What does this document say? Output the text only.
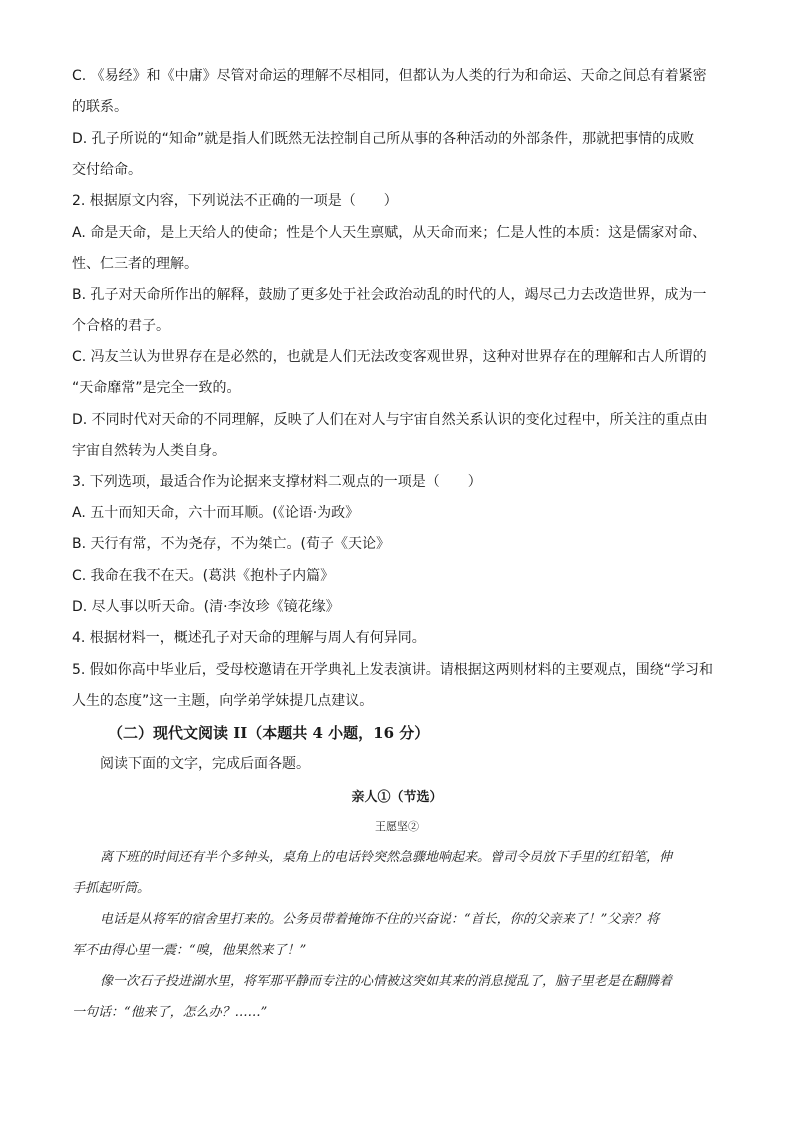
C. 《易经》和《中庸》尽管对命运的理解不尽相同，但都认为人类的行为和命运、天命之间总有着紧密
的联系。
D. 孔子所说的“知命”就是指人们既然无法控制自己所从事的各种活动的外部条件，那就把事情的成败
交付给命。
2. 根据原文内容，下列说法不正确的一项是（　　）
A. 命是天命，是上天给人的使命；性是个人天生禀赋，从天命而来；仁是人性的本质：这是儒家对命、
性、仁三者的理解。
B. 孔子对天命所作出的解释，鼓励了更多处于社会政治动乱的时代的人，竭尽己力去改造世界，成为一
个合格的君子。
C. 冯友兰认为世界存在是必然的，也就是人们无法改变客观世界，这种对世界存在的理解和古人所谓的
“天命靡常”是完全一致的。
D. 不同时代对天命的不同理解，反映了人们在对人与宇宙自然关系认识的变化过程中，所关注的重点由
宇宙自然转为人类自身。
3. 下列选项，最适合作为论据来支撑材料二观点的一项是（　　）
A. 五十而知天命，六十而耳顺。(《论语·为政》
B. 天行有常，不为尧存，不为桀亡。(荀子《天论》
C. 我命在我不在天。(葛洪《抱朴子内篇》
D. 尽人事以听天命。(清·李汝珍《镜花缘》
4. 根据材料一，概述孔子对天命的理解与周人有何异同。
5. 假如你高中毕业后，受母校邀请在开学典礼上发表演讲。请根据这两则材料的主要观点，围绕“学习和
人生的态度”这一主题，向学弟学妹提几点建议。
（二）现代文阅读 II（本题共 4 小题，16 分）
阅读下面的文字，完成后面各题。
亲人①（节选）
王愿坚②
离下班的时间还有半个多钟头，桌角上的电话铃突然急骤地响起来。曾司令员放下手里的红铅笔，伸
手抓起听筒。
电话是从将军的宿舍里打来的。公务员带着掩饰不住的兴奋说：“首长，你的父亲来了！”父亲？将
军不由得心里一震：“嗅，他果然来了！”
像一次石子投进湖水里，将军那平静而专注的心情被这突如其来的消息搅乱了，脑子里老是在翻腾着
一句话：“他来了，怎么办？……”
